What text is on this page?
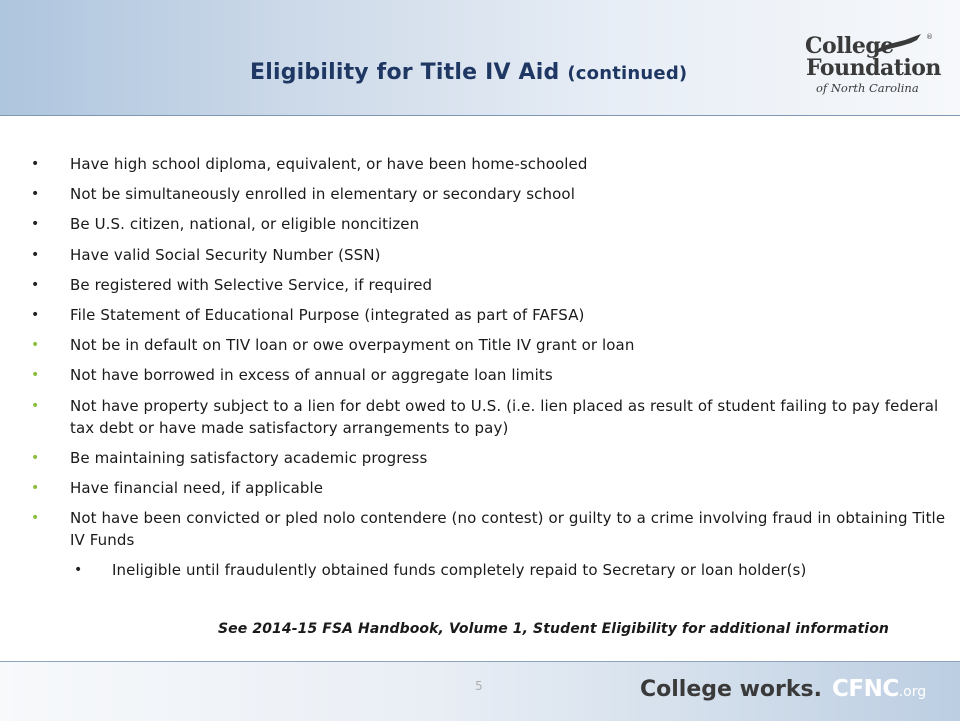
Eligibility for Title IV Aid (continued)
®
College
Foundation
of North Carolina
• Have high school diploma, equivalent, or have been home-schooled
• Not be simultaneously enrolled in elementary or secondary school
• Be U.S. citizen, national, or eligible noncitizen
• Have valid Social Security Number (SSN)
• Be registered with Selective Service, if required
• File Statement of Educational Purpose (integrated as part of FAFSA)
• Not be in default on TIV loan or owe overpayment on Title IV grant or loan
• Not have borrowed in excess of annual or aggregate loan limits
• Not have property subject to a lien for debt owed to U.S. (i.e. lien placed as result of student failing to pay federal tax debt or have made satisfactory arrangements to pay)
• Be maintaining satisfactory academic progress
• Have financial need, if applicable
• Not have been convicted or pled nolo contendere (no contest) or guilty to a crime involving fraud in obtaining Title IV Funds
• Ineligible until fraudulently obtained funds completely repaid to Secretary or loan holder(s)
See 2014-15 FSA Handbook, Volume 1, Student Eligibility for additional information
5	College works. CFNC.org
